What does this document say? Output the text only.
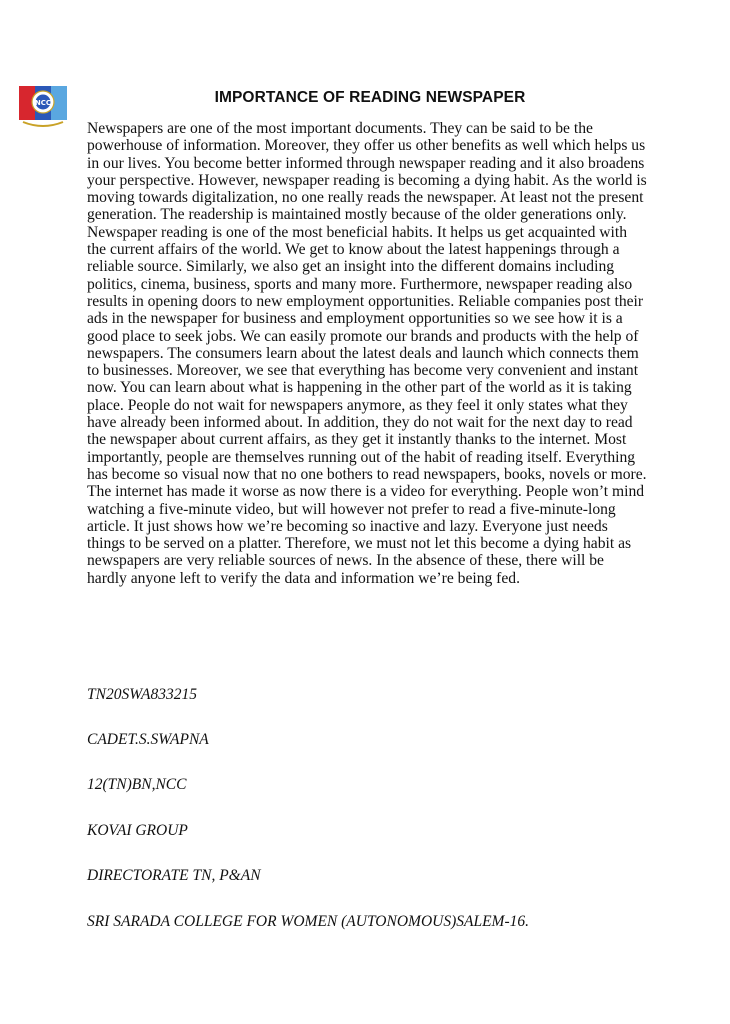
NCC	IMPORTANCE OF READING NEWSPAPER

Newspapers are one of the most important documents. They can be said to be the powerhouse of information. Moreover, they offer us other benefits as well which helps us in our lives. You become better informed through newspaper reading and it also broadens your perspective. However, newspaper reading is becoming a dying habit. As the world is moving towards digitalization, no one really reads the newspaper. At least not the present generation. The readership is maintained mostly because of the older generations only. Newspaper reading is one of the most beneficial habits. It helps us get acquainted with the current affairs of the world. We get to know about the latest happenings through a reliable source. Similarly, we also get an insight into the different domains including politics, cinema, business, sports and many more. Furthermore, newspaper reading also results in opening doors to new employment opportunities. Reliable companies post their ads in the newspaper for business and employment opportunities so we see how it is a good place to seek jobs. We can easily promote our brands and products with the help of newspapers. The consumers learn about the latest deals and launch which connects them to businesses. Moreover, we see that everything has become very convenient and instant now. You can learn about what is happening in the other part of the world as it is taking place. People do not wait for newspapers anymore, as they feel it only states what they have already been informed about. In addition, they do not wait for the next day to read the newspaper about current affairs, as they get it instantly thanks to the internet. Most importantly, people are themselves running out of the habit of reading itself. Everything has become so visual now that no one bothers to read newspapers, books, novels or more. The internet has made it worse as now there is a video for everything. People won’t mind watching a five-minute video, but will however not prefer to read a five-minute-long article. It just shows how we’re becoming so inactive and lazy. Everyone just needs things to be served on a platter. Therefore, we must not let this become a dying habit as newspapers are very reliable sources of news. In the absence of these, there will be hardly anyone left to verify the data and information we’re being fed.

TN20SWA833215

CADET.S.SWAPNA

12(TN)BN,NCC

KOVAI GROUP

DIRECTORATE TN, P&AN

SRI SARADA COLLEGE FOR WOMEN (AUTONOMOUS)SALEM-16.
